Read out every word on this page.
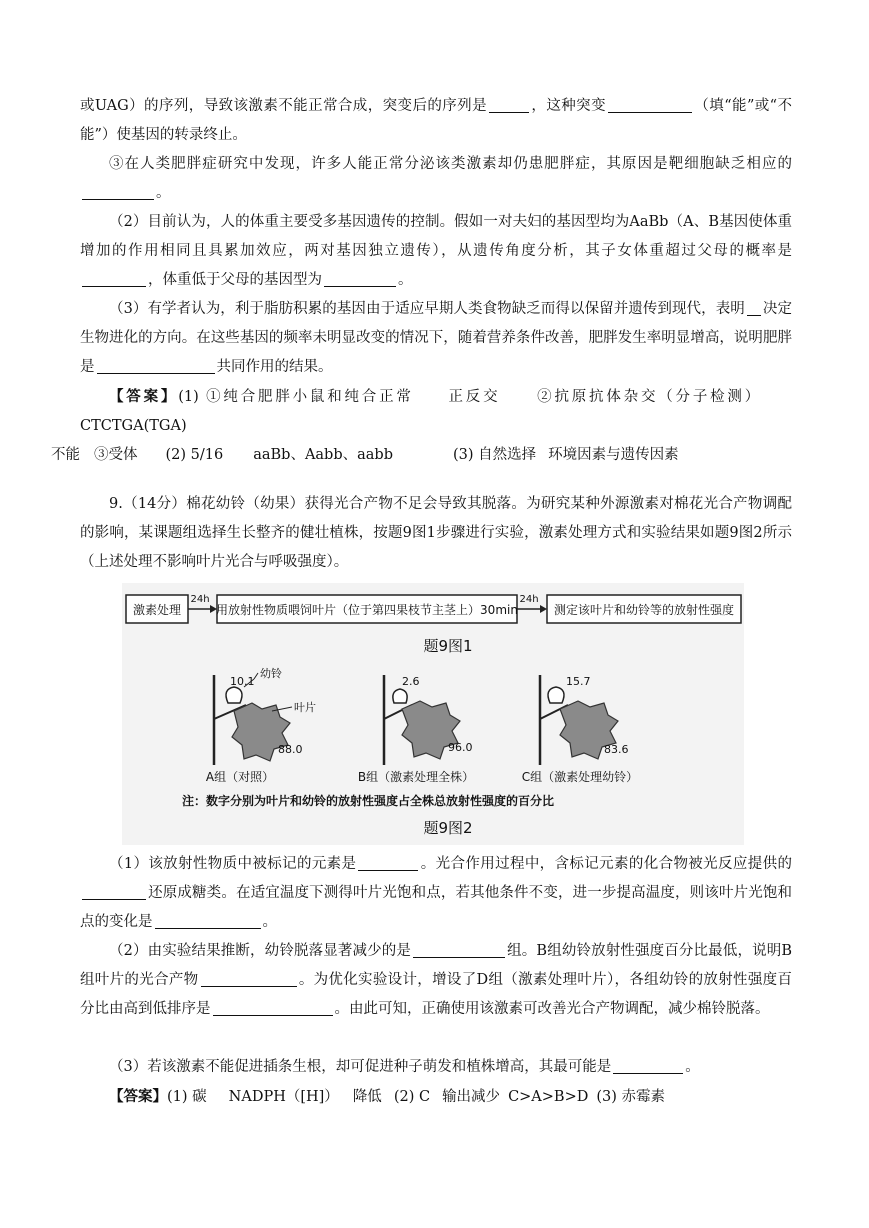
或UAG）的序列，导致该激素不能正常合成，突变后的序列是	，这种突变	（填“能”或“不能”）使基因的转录终止。

③在人类肥胖症研究中发现，许多人能正常分泌该类激素却仍患肥胖症，其原因是靶细胞缺乏相应的。

（2）目前认为，人的体重主要受多基因遗传的控制。假如一对夫妇的基因型均为AaBb（A、B基因使体重增加的作用相同且具累加效应，两对基因独立遗传），从遗传角度分析，其子女体重超过父母的概率是，体重低于父母的基因型为	。

（3）有学者认为，利于脂肪积累的基因由于适应早期人类食物缺乏而得以保留并遗传到现代，表明 决定生物进化的方向。在这些基因的频率未明显改变的情况下，随着营养条件改善，肥胖发生率明显增高，说明肥胖是	共同作用的结果。

【答案】(1) ①纯合肥胖小鼠和纯合正常 正反交 ②抗原抗体杂交（分子检测）CTCTGA(TGA)
不能 ③受体 (2) 5/16 aaBb、Aabb、aabb	(3) 自然选择 环境因素与遗传因素

9.（14分）棉花幼铃（幼果）获得光合产物不足会导致其脱落。为研究某种外源激素对棉花光合产物调配的影响，某课题组选择生长整齐的健壮植株，按题9图1步骤进行实验，激素处理方式和实验结果如题9图2所示（上述处理不影响叶片光合与呼吸强度）。

激素处理
24h
用放射性物质喂饲叶片（位于第四果枝节主茎上）30min
24h
测定该叶片和幼铃等的放射性强度
题9图1
幼铃
叶片
10.1
88.0
A组（对照）
2.6
96.0
B组（激素处理全株）
15.7
83.6
C组（激素处理幼铃）
注：数字分别为叶片和幼铃的放射性强度占全株总放射性强度的百分比
题9图2

（1）该放射性物质中被标记的元素是	。光合作用过程中，含标记元素的化合物被光反应提供的还原成糖类。在适宜温度下测得叶片光饱和点，若其他条件不变，进一步提高温度，则该叶片光饱和点的变化是	。

（2）由实验结果推断，幼铃脱落显著减少的是	组。B组幼铃放射性强度百分比最低，说明B组叶片的光合产物	。为优化实验设计，增设了D组（激素处理叶片），各组幼铃的放射性强度百分比由高到低排序是	。由此可知，正确使用该激素可改善光合产物调配，减少棉铃脱落。

（3）若该激素不能促进插条生根，却可促进种子萌发和植株增高，其最可能是	。

【答案】(1) 碳 NADPH（[H]） 降低 (2) C 输出减少 C>A>B>D (3) 赤霉素
